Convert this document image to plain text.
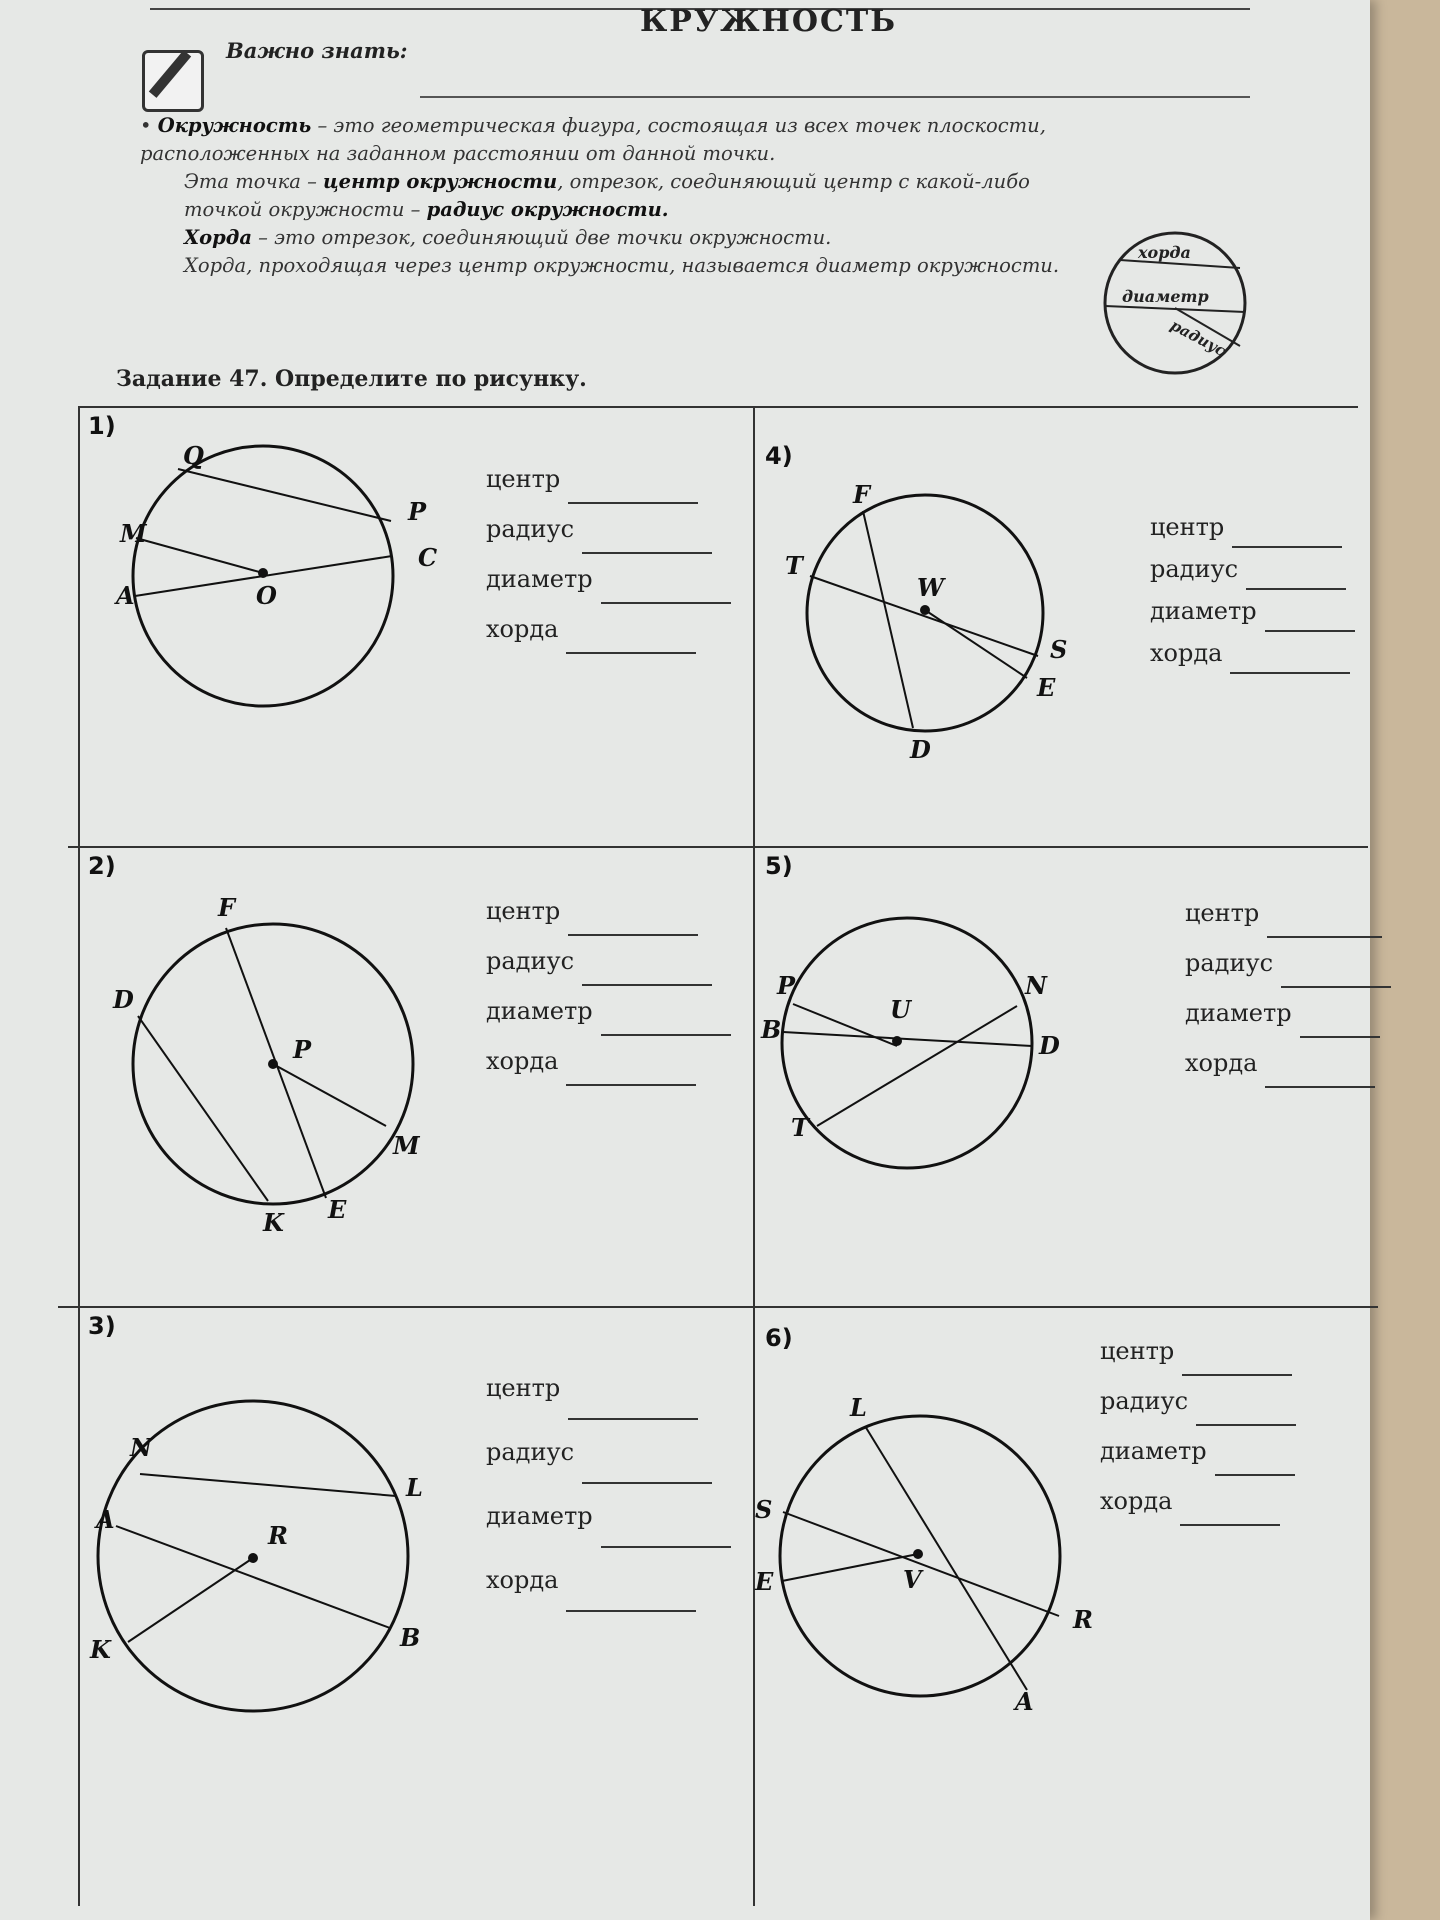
КРУЖНОСТЬ
Важно знать:

• Окружность – это геометрическая фигура, состоящая из всех точек плоскости, расположенных на заданном расстоянии от данной точки.

Эта точка – центр окружности, отрезок, соединяющий центр с какой-либо точкой окружности – радиус окружности.

Хорда – это отрезок, соединяющий две точки окружности.

Хорда, проходящая через центр окружности, называется диаметр окружности.

хорда
диаметр
радиус
Задание 47. Определите по рисунку.
1)
Q
P
M
C
A	O
центр
радиус
диаметр
хорда
2)
F
D
P
M
K E
центр
радиус
диаметр
хорда
3)
N
L
A
R
K	B
центр
радиус
диаметр
хорда
4)
F
T
W
S
E
D
центр
радиус
диаметр
хорда
5)
P	N
B
U
D
T
центр
радиус
диаметр
хорда
6)
L
S
E	V
R
A
центр
радиус
диаметр
хорда
